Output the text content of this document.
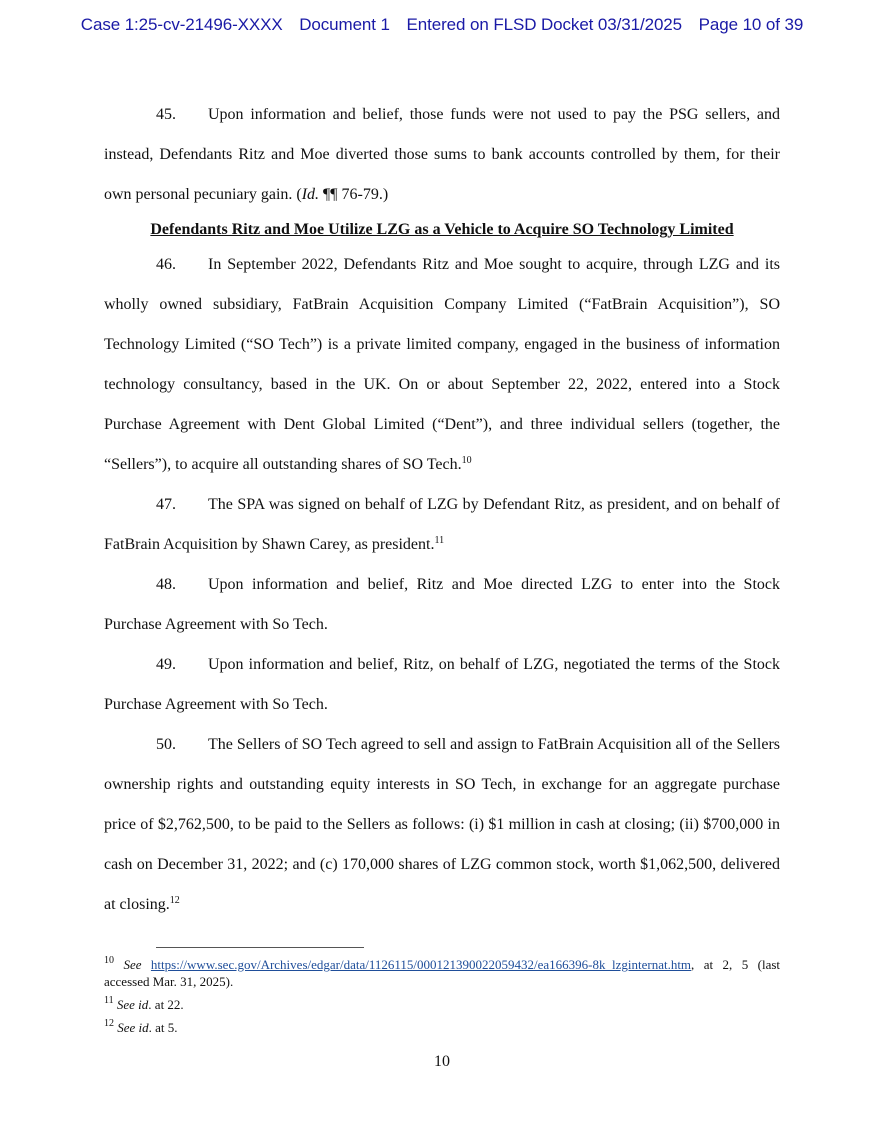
Case 1:25-cv-21496-XXXX Document 1 Entered on FLSD Docket 03/31/2025 Page 10 of 39

45. Upon information and belief, those funds were not used to pay the PSG sellers, and instead, Defendants Ritz and Moe diverted those sums to bank accounts controlled by them, for their own personal pecuniary gain. (Id. ¶¶ 76-79.)

Defendants Ritz and Moe Utilize LZG as a Vehicle to Acquire SO Technology Limited

46. In September 2022, Defendants Ritz and Moe sought to acquire, through LZG and its wholly owned subsidiary, FatBrain Acquisition Company Limited (“FatBrain Acquisition”), SO Technology Limited (“SO Tech”) is a private limited company, engaged in the business of information technology consultancy, based in the UK. On or about September 22, 2022, entered into a Stock Purchase Agreement with Dent Global Limited (“Dent”), and three individual sellers (together, the “Sellers”), to acquire all outstanding shares of SO Tech.$^{10}$

47. The SPA was signed on behalf of LZG by Defendant Ritz, as president, and on behalf of FatBrain Acquisition by Shawn Carey, as president.$^{11}$

48. Upon information and belief, Ritz and Moe directed LZG to enter into the Stock Purchase Agreement with So Tech.

49. Upon information and belief, Ritz, on behalf of LZG, negotiated the terms of the Stock Purchase Agreement with So Tech.

50. The Sellers of SO Tech agreed to sell and assign to FatBrain Acquisition all of the Sellers ownership rights and outstanding equity interests in SO Tech, in exchange for an aggregate purchase price of $2,762,500, to be paid to the Sellers as follows: (i) $1 million in cash at closing; (ii) $700,000 in cash on December 31, 2022; and (c) 170,000 shares of LZG common stock, worth $1,062,500, delivered at closing.$^{12}$

$^{10}$ See https://www.sec.gov/Archives/edgar/data/1126115/000121390022059432/ea166396-8k_lzginternat.htm, at 2, 5 (last accessed Mar. 31, 2025).

$^{11}$ See id. at 22.

$^{12}$ See id. at 5.

10
